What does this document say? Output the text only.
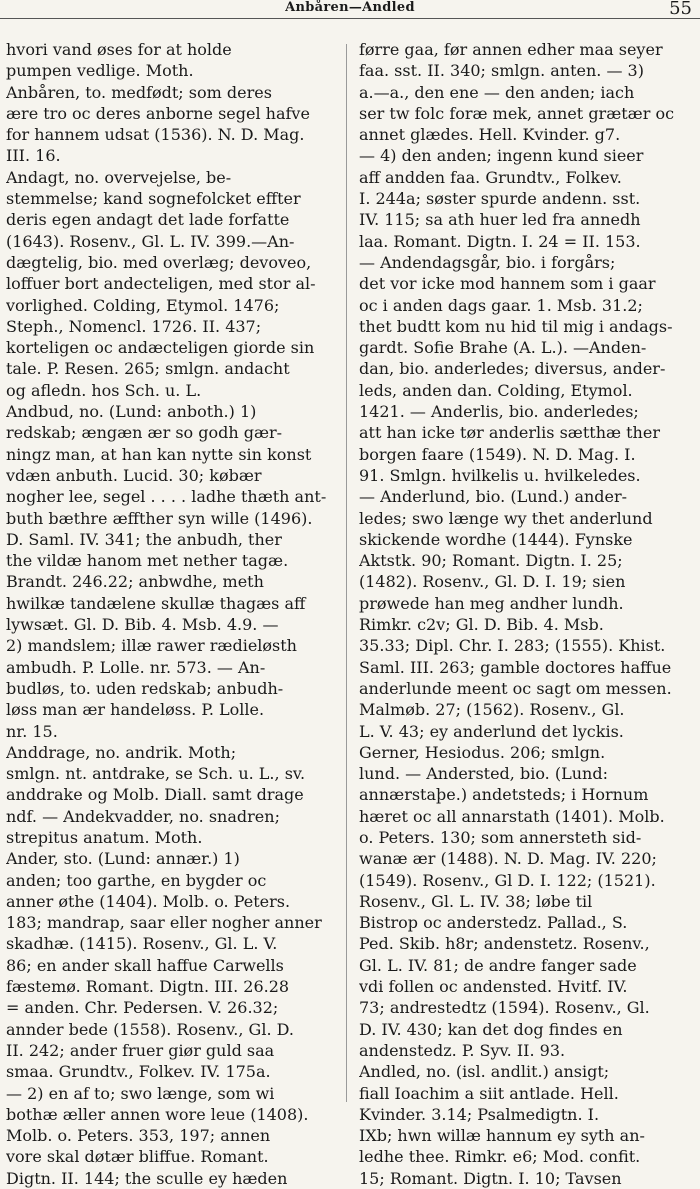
Anbåren—Andled	55
hvori vand øses for at holde
pumpen vedlige. Moth.
Anbåren, to. medfødt; som deres
ære tro oc deres anborne segel hafve
for hannem udsat (1536). N. D. Mag.
III. 16.
Andagt, no. overvejelse, be-
stemmelse; kand sognefolcket effter
deris egen andagt det lade forfatte
(1643). Rosenv., Gl. L. IV. 399.—An-
dægtelig, bio. med overlæg; devoveo,
loffuer bort andecteligen, med stor al-
vorlighed. Colding, Etymol. 1476;
Steph., Nomencl. 1726. II. 437;
korteligen oc andæcteligen giorde sin
tale. P. Resen. 265; smlgn. andacht
og afledn. hos Sch. u. L.
Andbud, no. (Lund: anboth.) 1)
redskab; ængæn ær so godh gær-
ningz man, at han kan nytte sin konst
vdæn anbuth. Lucid. 30; købær
nogher lee, segel . . . . ladhe thæth ant-
buth bæthre æffther syn wille (1496).
D. Saml. IV. 341; the anbudh, ther
the vildæ hanom met nether tagæ.
Brandt. 246.22; anbwdhe, meth
hwilkæ tandælene skullæ thagæs aff
lywsæt. Gl. D. Bib. 4. Msb. 4.9. —
2) mandslem; illæ rawer rædieløsth
ambudh. P. Lolle. nr. 573. — An-
budløs, to. uden redskab; anbudh-
løss man ær handeløss. P. Lolle.
nr. 15.
Anddrage, no. andrik. Moth;
smlgn. nt. antdrake, se Sch. u. L., sv.
anddrake og Molb. Diall. samt drage
ndf. — Andekvadder, no. snadren;
strepitus anatum. Moth.
Ander, sto. (Lund: annær.) 1)
anden; too garthe, en bygder oc
anner øthe (1404). Molb. o. Peters.
183; mandrap, saar eller nogher anner
skadhæ. (1415). Rosenv., Gl. L. V.
86; en ander skall haffue Carwells
fæstemø. Romant. Digtn. III. 26.28
= anden. Chr. Pedersen. V. 26.32;
annder bede (1558). Rosenv., Gl. D.
II. 242; ander fruer giør guld saa
smaa. Grundtv., Folkev. IV. 175a.
— 2) en af to; swo længe, som wi
bothæ æller annen wore leue (1408).
Molb. o. Peters. 353, 197; annen
vore skal døtær bliffue. Romant.
Digtn. II. 144; the sculle ey hæden
førre gaa, før annen edher maa seyer
faa. sst. II. 340; smlgn. anten. — 3)
a.—a., den ene — den anden; iach
ser tw folc foræ mek, annet grætær oc
annet glædes. Hell. Kvinder. g7.
— 4) den anden; ingenn kund sieer
aff andden faa. Grundtv., Folkev.
I. 244a; søster spurde andenn. sst.
IV. 115; sa ath huer led fra annedh
laa. Romant. Digtn. I. 24 = II. 153.
— Andendagsgår, bio. i forgårs;
det vor icke mod hannem som i gaar
oc i anden dags gaar. 1. Msb. 31.2;
thet budtt kom nu hid til mig i andags-
gardt. Sofie Brahe (A. L.). —Anden-
dan, bio. anderledes; diversus, ander-
leds, anden dan. Colding, Etymol.
1421. — Anderlis, bio. anderledes;
att han icke tør anderlis sætthæ ther
borgen faare (1549). N. D. Mag. I.
91. Smlgn. hvilkelis u. hvilkeledes.
— Anderlund, bio. (Lund.) ander-
ledes; swo længe wy thet anderlund
skickende wordhe (1444). Fynske
Aktstk. 90; Romant. Digtn. I. 25;
(1482). Rosenv., Gl. D. I. 19; sien
prøwede han meg andher lundh.
Rimkr. c2v; Gl. D. Bib. 4. Msb.
35.33; Dipl. Chr. I. 283; (1555). Khist.
Saml. III. 263; gamble doctores haffue
anderlunde meent oc sagt om messen.
Malmøb. 27; (1562). Rosenv., Gl.
L. V. 43; ey anderlund det lyckis.
Gerner, Hesiodus. 206; smlgn.
lund. — Andersted, bio. (Lund:
annærstaþe.) andetsteds; i Hornum
hæret oc all annarstath (1401). Molb.
o. Peters. 130; som annersteth sid-
wanæ ær (1488). N. D. Mag. IV. 220;
(1549). Rosenv., Gl D. I. 122; (1521).
Rosenv., Gl. L. IV. 38; løbe til
Bistrop oc anderstedz. Pallad., S.
Ped. Skib. h8r; andenstetz. Rosenv.,
Gl. L. IV. 81; de andre fanger sade
vdi follen oc andensted. Hvitf. IV.
73; andrestedtz (1594). Rosenv., Gl.
D. IV. 430; kan det dog findes en
andenstedz. P. Syv. II. 93.
Andled, no. (isl. andlit.) ansigt;
fiall Ioachim a siit antlade. Hell.
Kvinder. 3.14; Psalmedigtn. I.
IXb; hwn willæ hannum ey syth an-
ledhe thee. Rimkr. e6; Mod. confit.
15; Romant. Digtn. I. 10; Tavsen
